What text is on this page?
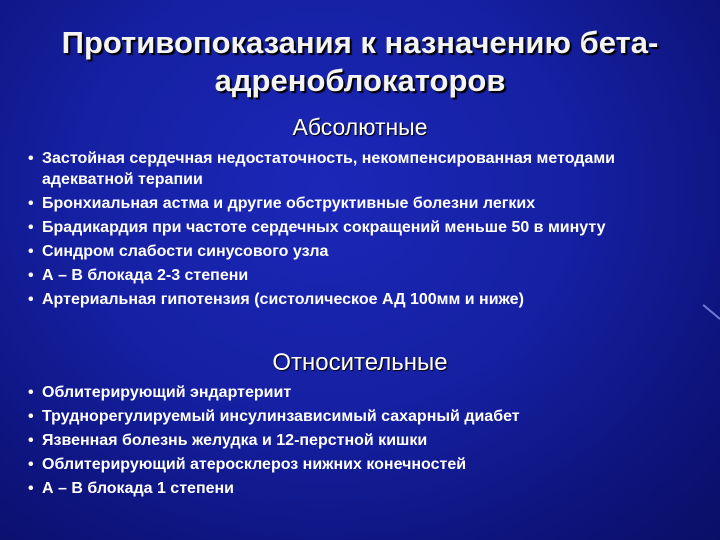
Противопоказания к назначению бета-адреноблокаторов
Абсолютные
• Застойная сердечная недостаточность, некомпенсированная методами адекватной терапии
• Бронхиальная астма и другие обструктивные болезни легких
• Брадикардия при частоте сердечных сокращений меньше 50 в минуту
• Синдром слабости синусового узла
• А – В блокада 2-3 степени
• Артериальная гипотензия (систолическое АД 100мм и ниже)
Относительные
• Облитерирующий эндартериит
• Труднорегулируемый инсулинзависимый сахарный диабет
• Язвенная болезнь желудка и 12-перстной кишки
• Облитерирующий атеросклероз нижних конечностей
• А – В блокада 1 степени
